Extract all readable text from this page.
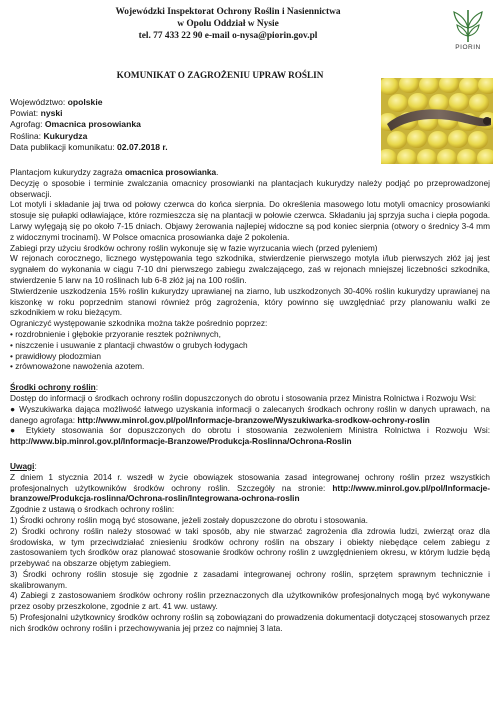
Wojewódzki Inspektorat Ochrony Roślin i Nasiennictwa
w Opolu Oddział w Nysie
tel. 77 433 22 90 e-mail o-nysa@piorin.gov.pl
PIORIN
KOMUNIKAT O ZAGROŻENIU UPRAW ROŚLIN
Województwo: opolskie
Powiat: nyski
Agrofag: Omacnica prosowianka
Roślina: Kukurydza
Data publikacji komunikatu: 02.07.2018 r.

Plantacjom kukurydzy zagraża omacnica prosowianka.

Decyzję o sposobie i terminie zwalczania omacnicy prosowianki na plantacjach kukurydzy należy podjąć po przeprowadzonej obserwacji.

Lot motyli i składanie jaj trwa od połowy czerwca do końca sierpnia. Do określenia masowego lotu motyli omacnicy prosowianki stosuje się pułapki odławiające, które rozmieszcza się na plantacji w połowie czerwca. Składaniu jaj sprzyja sucha i ciepła pogoda. Larwy wylęgają się po około 7-15 dniach. Objawy żerowania najlepiej widoczne są pod koniec sierpnia (otwory o średnicy 3-4 mm z widocznymi trocinami). W Polsce omacnica prosowianka daje 2 pokolenia.

Zabiegi przy użyciu środków ochrony roślin wykonuje się w fazie wyrzucania wiech (przed pyleniem)

W rejonach corocznego, licznego występowania tego szkodnika, stwierdzenie pierwszego motyla i/lub pierwszych złóż jaj jest sygnałem do wykonania w ciągu 7-10 dni pierwszego zabiegu zwalczającego, zaś w rejonach mniejszej liczebności szkodnika, stwierdzenie 5 larw na 10 roślinach lub 6-8 złóż jaj na 100 roślin.

Stwierdzenie uszkodzenia 15% roślin kukurydzy uprawianej na ziarno, lub uszkodzonych 30-40% roślin kukurydzy uprawianej na kiszonkę w roku poprzednim stanowi również próg zagrożenia, który powinno się uwzględniać przy planowaniu walki ze szkodnikiem w roku bieżącym.

Ograniczyć występowanie szkodnika można także pośrednio poprzez:

• rozdrobnienie i głębokie przyoranie resztek pożniwnych,

• niszczenie i usuwanie z plantacji chwastów o grubych łodygach

• prawidłowy płodozmian

• zrównoważone nawożenia azotem.

Środki ochrony roślin:

Dostęp do informacji o środkach ochrony roślin dopuszczonych do obrotu i stosowania przez Ministra Rolnictwa i Rozwoju Wsi:

● Wyszukiwarka dająca możliwość łatwego uzyskania informacji o zalecanych środkach ochrony roślin w danych uprawach, na danego agrofaga: http://www.minrol.gov.pl/pol/Informacje-branzowe/Wyszukiwarka-srodkow-ochrony-roslin

● Etykiety stosowania śor dopuszczonych do obrotu i stosowania zezwoleniem Ministra Rolnictwa i Rozwoju Wsi: http://www.bip.minrol.gov.pl/Informacje-Branzowe/Produkcja-Roslinna/Ochrona-Roslin

Uwagi:

Z dniem 1 stycznia 2014 r. wszedł w życie obowiązek stosowania zasad integrowanej ochrony roślin przez wszystkich profesjonalnych użytkowników środków ochrony roślin. Szczegóły na stronie: http://www.minrol.gov.pl/pol/Informacje-branzowe/Produkcja-roslinna/Ochrona-roslin/Integrowana-ochrona-roslin

Zgodnie z ustawą o środkach ochrony roślin:

1) Środki ochrony roślin mogą być stosowane, jeżeli zostały dopuszczone do obrotu i stosowania.

2) Środki ochrony roślin należy stosować w taki sposób, aby nie stwarzać zagrożenia dla zdrowia ludzi, zwierząt oraz dla środowiska, w tym przeciwdziałać zniesieniu środków ochrony roślin na obszary i obiekty niebędące celem zabiegu z zastosowaniem tych środków oraz planować stosowanie środków ochrony roślin z uwzględnieniem okresu, w którym ludzie będą przebywać na obszarze objętym zabiegiem.

3) Środki ochrony roślin stosuje się zgodnie z zasadami integrowanej ochrony roślin, sprzętem sprawnym technicznie i skalibrowanym.

4) Zabiegi z zastosowaniem środków ochrony roślin przeznaczonych dla użytkowników profesjonalnych mogą być wykonywane przez osoby przeszkolone, zgodnie z art. 41 ww. ustawy.

5) Profesjonalni użytkownicy środków ochrony roślin są zobowiązani do prowadzenia dokumentacji dotyczącej stosowanych przez nich środków ochrony roślin i przechowywania jej przez co najmniej 3 lata.
